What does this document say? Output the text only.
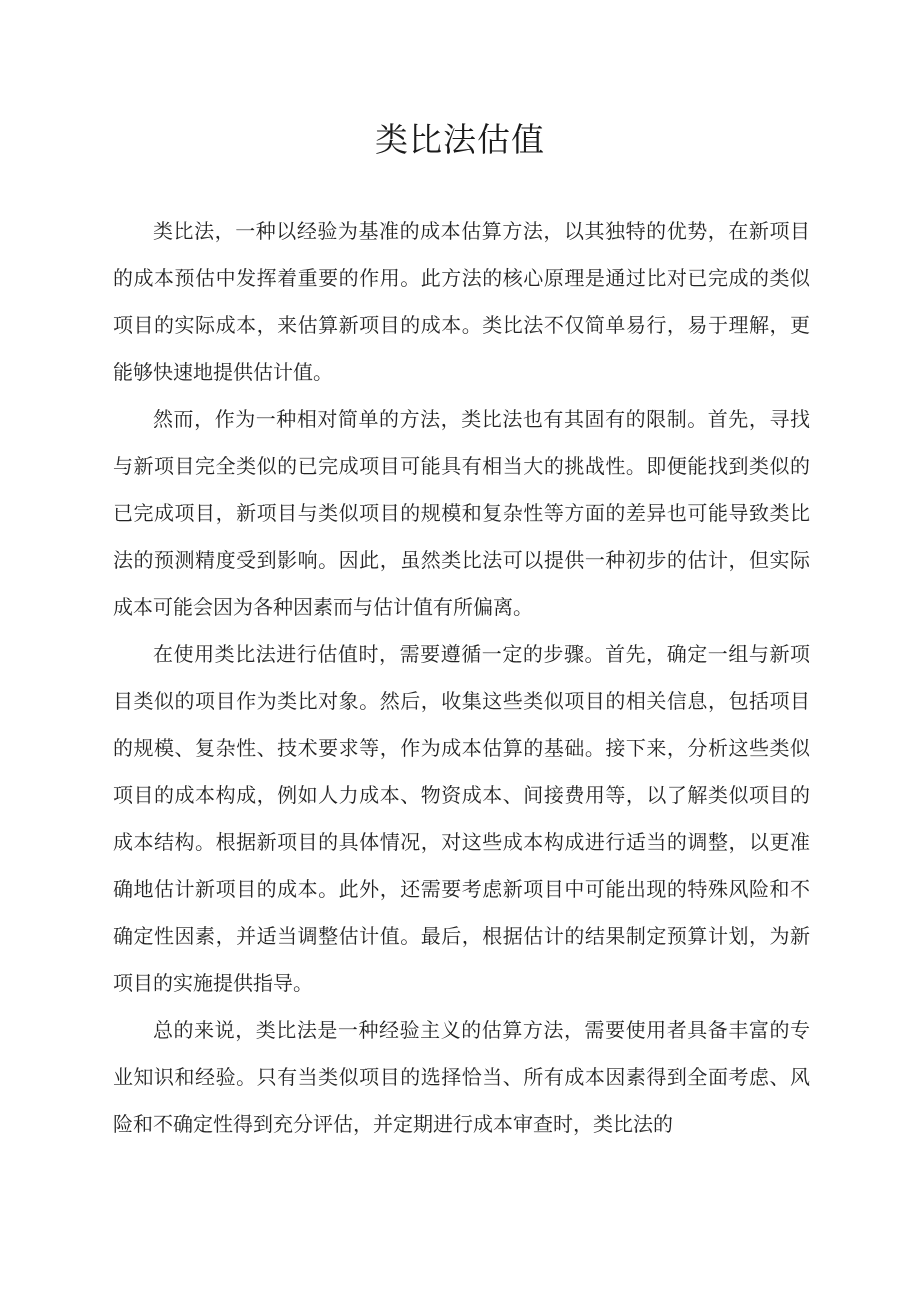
类比法估值

类比法，一种以经验为基准的成本估算方法，以其独特的优势，在新项目的成本预估中发挥着重要的作用。此方法的核心原理是通过比对已完成的类似项目的实际成本，来估算新项目的成本。类比法不仅简单易行，易于理解，更能够快速地提供估计值。

然而，作为一种相对简单的方法，类比法也有其固有的限制。首先，寻找与新项目完全类似的已完成项目可能具有相当大的挑战性。即便能找到类似的已完成项目，新项目与类似项目的规模和复杂性等方面的差异也可能导致类比法的预测精度受到影响。因此，虽然类比法可以提供一种初步的估计，但实际成本可能会因为各种因素而与估计值有所偏离。

在使用类比法进行估值时，需要遵循一定的步骤。首先，确定一组与新项目类似的项目作为类比对象。然后，收集这些类似项目的相关信息，包括项目的规模、复杂性、技术要求等，作为成本估算的基础。接下来，分析这些类似项目的成本构成，例如人力成本、物资成本、间接费用等，以了解类似项目的成本结构。根据新项目的具体情况，对这些成本构成进行适当的调整，以更准确地估计新项目的成本。此外，还需要考虑新项目中可能出现的特殊风险和不确定性因素，并适当调整估计值。最后，根据估计的结果制定预算计划，为新项目的实施提供指导。

总的来说，类比法是一种经验主义的估算方法，需要使用者具备丰富的专业知识和经验。只有当类似项目的选择恰当、所有成本因素得到全面考虑、风险和不确定性得到充分评估，并定期进行成本审查时，类比法的
